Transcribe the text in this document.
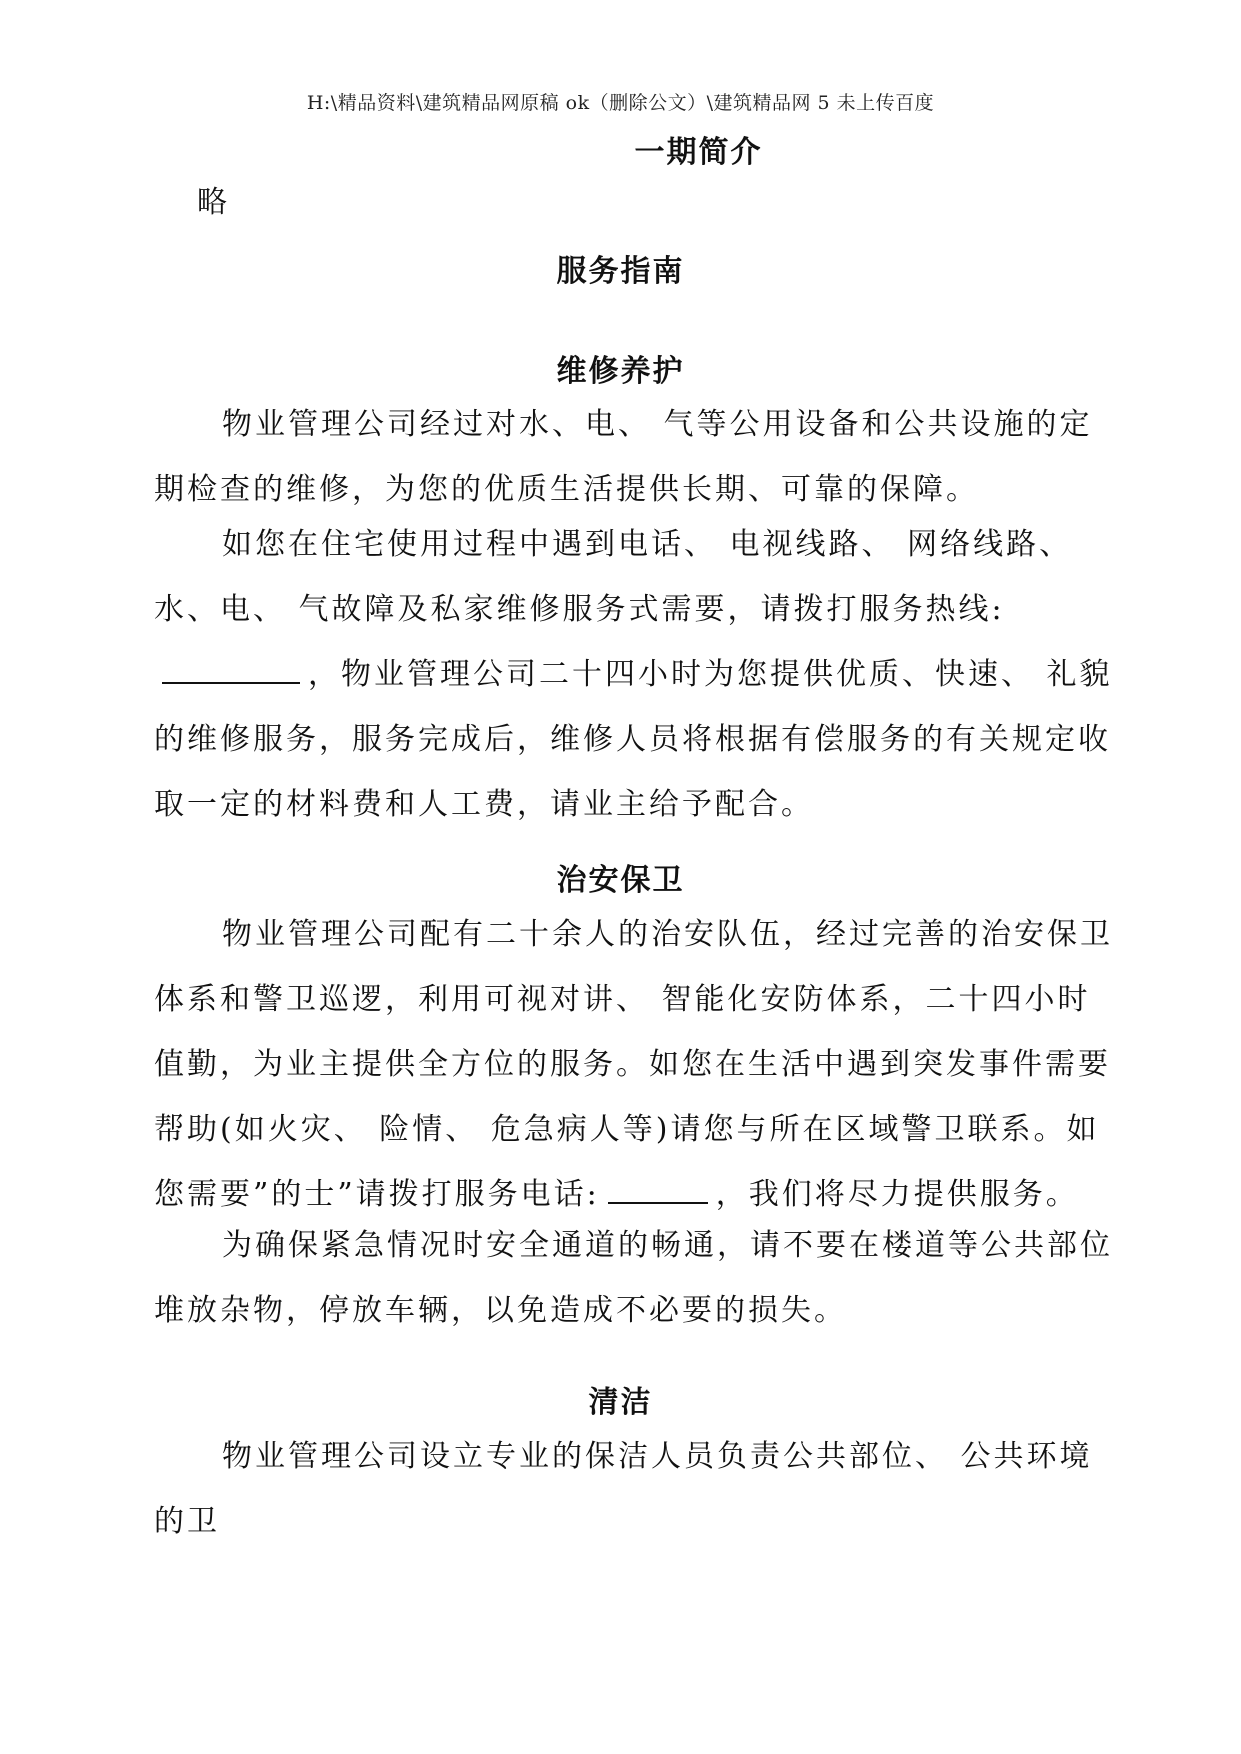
H:\精品资料\建筑精品网原稿 ok（删除公文）\建筑精品网 5 未上传百度
一期简介
略
服务指南
维修养护

物业管理公司经过对水、电、 气等公用设备和公共设施的定期检查的维修，为您的优质生活提供长期、可靠的保障。

如您在住宅使用过程中遇到电话、 电视线路、 网络线路、 水、电、 气故障及私家维修服务式需要，请拨打服务热线:，物业管理公司二十四小时为您提供优质、快速、 礼貌的维修服务，服务完成后，维修人员将根据有偿服务的有关规定收取一定的材料费和人工费，请业主给予配合。

治安保卫

物业管理公司配有二十余人的治安队伍，经过完善的治安保卫体系和警卫巡逻，利用可视对讲、 智能化安防体系，二十四小时值勤，为业主提供全方位的服务。如您在生活中遇到突发事件需要帮助(如火灾、 险情、 危急病人等)请您与所在区域警卫联系。如您需要”的士”请拨打服务电话:	，我们将尽力提供服务。

为确保紧急情况时安全通道的畅通，请不要在楼道等公共部位堆放杂物，停放车辆，以免造成不必要的损失。

清洁

物业管理公司设立专业的保洁人员负责公共部位、 公共环境的卫
